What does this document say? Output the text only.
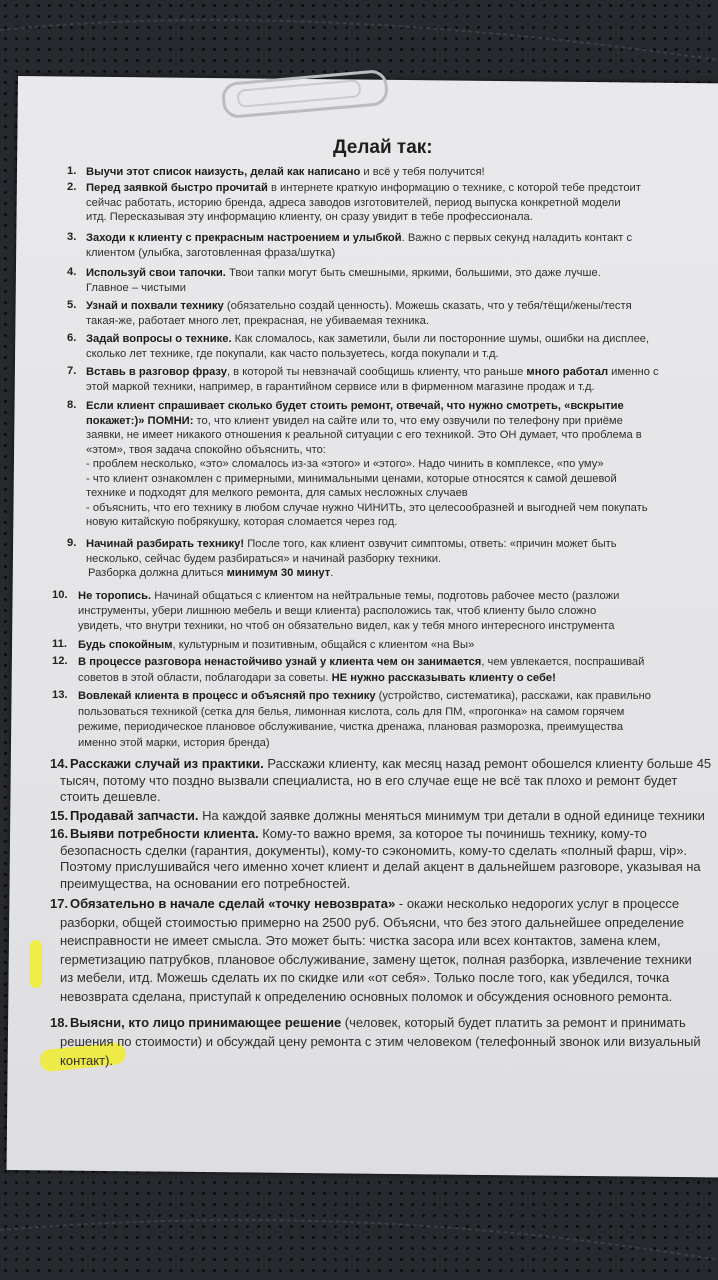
Делай так:
1. Выучи этот список наизусть, делай как написано и всё у тебя получится!
2. Перед заявкой быстро прочитай в интернете краткую информацию о технике, с которой тебе предстоит
сейчас работать, историю бренда, адреса заводов изготовителей, период выпуска конкретной модели
итд. Пересказывая эту информацию клиенту, он сразу увидит в тебе профессионала.
3. Заходи к клиенту с прекрасным настроением и улыбкой. Важно с первых секунд наладить контакт с
клиентом (улыбка, заготовленная фраза/шутка)
4. Используй свои тапочки. Твои тапки могут быть смешными, яркими, большими, это даже лучше.
Главное – чистыми
5. Узнай и похвали технику (обязательно создай ценность). Можешь сказать, что у тебя/тёщи/жены/тестя
такая-же, работает много лет, прекрасная, не убиваемая техника.
6. Задай вопросы о технике. Как сломалось, как заметили, были ли посторонние шумы, ошибки на дисплее,
сколько лет технике, где покупали, как часто пользуетесь, когда покупали и т.д.
7. Вставь в разговор фразу, в которой ты невзначай сообщишь клиенту, что раньше много работал именно с
этой маркой техники, например, в гарантийном сервисе или в фирменном магазине продаж и т.д.
8. Если клиент спрашивает сколько будет стоить ремонт, отвечай, что нужно смотреть, «вскрытие
покажет:)» ПОМНИ: то, что клиент увидел на сайте или то, что ему озвучили по телефону при приёме
заявки, не имеет никакого отношения к реальной ситуации с его техникой. Это ОН думает, что проблема в
«этом», твоя задача спокойно объяснить, что:
- проблем несколько, «это» сломалось из-за «этого» и «этого». Надо чинить в комплексе, «по уму»
- что клиент ознакомлен с примерными, минимальными ценами, которые относятся к самой дешевой
технике и подходят для мелкого ремонта, для самых несложных случаев
- объяснить, что его технику в любом случае нужно ЧИНИТЬ, это целесообразней и выгодней чем покупать
новую китайскую побрякушку, которая сломается через год.
9. Начинай разбирать технику! После того, как клиент озвучит симптомы, ответь: «причин может быть
несколько, сейчас будем разбираться» и начинай разборку техники.
Разборка должна длиться минимум 30 минут.
10. Не торопись. Начинай общаться с клиентом на нейтральные темы, подготовь рабочее место (разложи
инструменты, убери лишнюю мебель и вещи клиента) расположись так, чтоб клиенту было сложно
увидеть, что внутри техники, но чтоб он обязательно видел, как у тебя много интересного инструмента
11. Будь спокойным, культурным и позитивным, общайся с клиентом «на Вы»
12. В процессе разговора ненастойчиво узнай у клиента чем он занимается, чем увлекается, поспрашивай
советов в этой области, поблагодари за советы. НЕ нужно рассказывать клиенту о себе!
13. Вовлекай клиента в процесс и объясняй про технику (устройство, систематика), расскажи, как правильно
пользоваться техникой (сетка для белья, лимонная кислота, соль для ПМ, «прогонка» на самом горячем
режиме, периодическое плановое обслуживание, чистка дренажа, плановая разморозка, преимущества
именно этой марки, история бренда)
14. Расскажи случай из практики. Расскажи клиенту, как месяц назад ремонт обошелся клиенту больше 45
тысяч, потому что поздно вызвали специалиста, но в его случае еще не всё так плохо и ремонт будет
стоить дешевле.
15. Продавай запчасти. На каждой заявке должны меняться минимум три детали в одной единице техники
16. Выяви потребности клиента. Кому-то важно время, за которое ты починишь технику, кому-то
безопасность сделки (гарантия, документы), кому-то сэкономить, кому-то сделать «полный фарш, vip».
Поэтому прислушивайся чего именно хочет клиент и делай акцент в дальнейшем разговоре, указывая на
преимущества, на основании его потребностей.
17. Обязательно в начале сделай «точку невозврата» - окажи несколько недорогих услуг в процессе
разборки, общей стоимостью примерно на 2500 руб. Объясни, что без этого дальнейшее определение
неисправности не имеет смысла. Это может быть: чистка засора или всех контактов, замена клем,
герметизацию патрубков, плановое обслуживание, замену щеток, полная разборка, извлечение техники
из мебели, итд. Можешь сделать их по скидке или «от себя». Только после того, как убедился, точка
невозврата сделана, приступай к определению основных поломок и обсуждения основного ремонта.
18. Выясни, кто лицо принимающее решение (человек, который будет платить за ремонт и принимать
решения по стоимости) и обсуждай цену ремонта с этим человеком (телефонный звонок или визуальный
контакт).
